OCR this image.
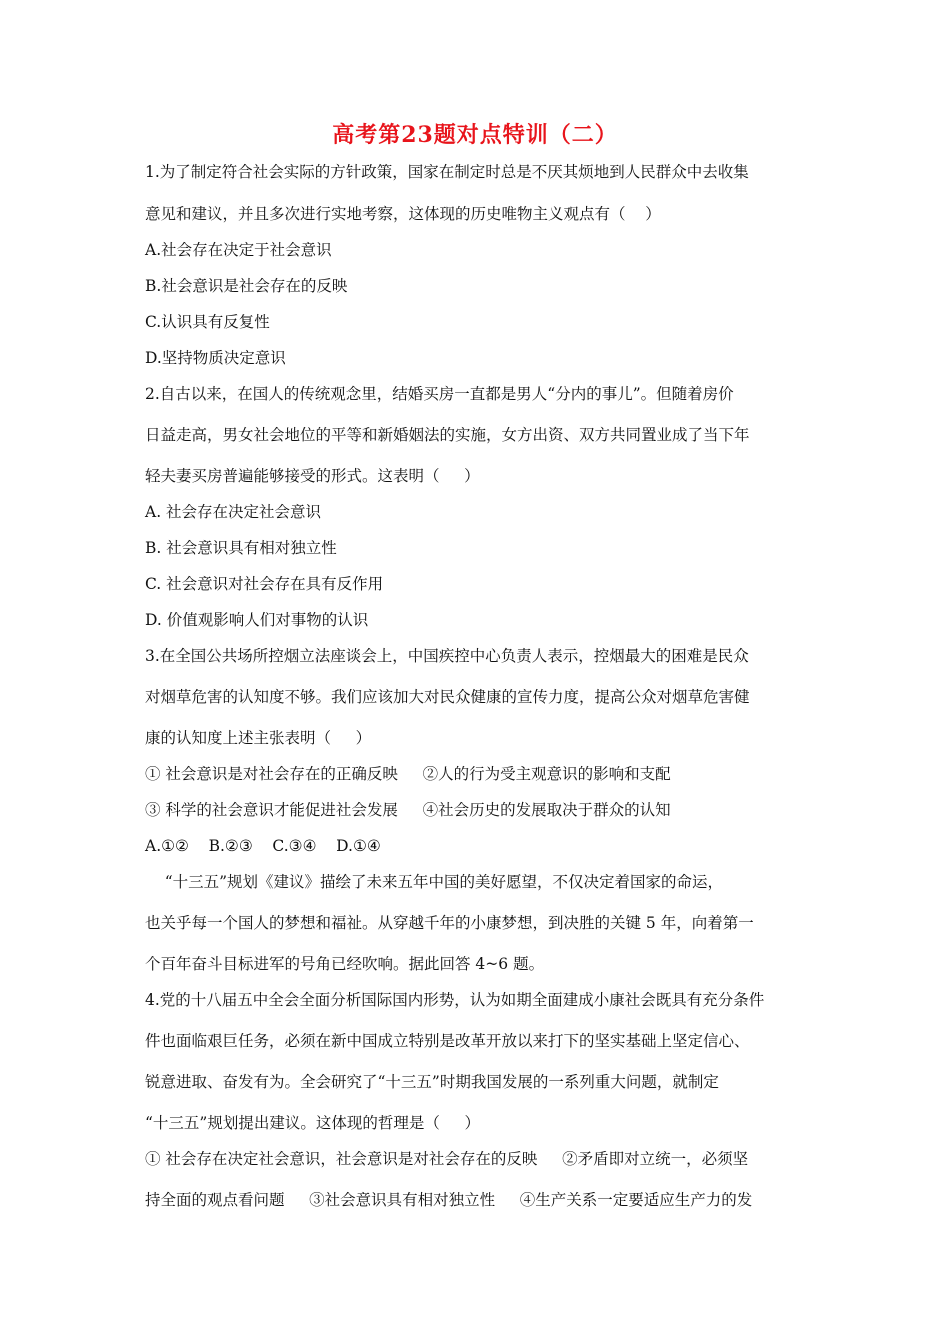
高考第23题对点特训（二）
1.为了制定符合社会实际的方针政策，国家在制定时总是不厌其烦地到人民群众中去收集
意见和建议，并且多次进行实地考察，这体现的历史唯物主义观点有（    ）
A.社会存在决定于社会意识
B.社会意识是社会存在的反映
C.认识具有反复性
D.坚持物质决定意识
2.自古以来，在国人的传统观念里，结婚买房一直都是男人“分内的事儿”。但随着房价
日益走高，男女社会地位的平等和新婚姻法的实施，女方出资、双方共同置业成了当下年
轻夫妻买房普遍能够接受的形式。这表明（     ）
A. 社会存在决定社会意识
B. 社会意识具有相对独立性
C. 社会意识对社会存在具有反作用
D. 价值观影响人们对事物的认识
3.在全国公共场所控烟立法座谈会上，中国疾控中心负责人表示，控烟最大的困难是民众
对烟草危害的认知度不够。我们应该加大对民众健康的宣传力度，提高公众对烟草危害健
康的认知度上述主张表明（     ）
① 社会意识是对社会存在的正确反映     ②人的行为受主观意识的影响和支配
③ 科学的社会意识才能促进社会发展     ④社会历史的发展取决于群众的认知
A.①②    B.②③    C.③④    D.①④
“十三五”规划《建议》描绘了未来五年中国的美好愿望，不仅决定着国家的命运，
也关乎每一个国人的梦想和福祉。从穿越千年的小康梦想，到决胜的关键 5 年，向着第一
个百年奋斗目标进军的号角已经吹响。据此回答 4~6 题。
4.党的十八届五中全会全面分析国际国内形势，认为如期全面建成小康社会既具有充分条件
件也面临艰巨任务，必须在新中国成立特别是改革开放以来打下的坚实基础上坚定信心、
锐意进取、奋发有为。全会研究了“十三五”时期我国发展的一系列重大问题，就制定
“十三五”规划提出建议。这体现的哲理是（     ）
① 社会存在决定社会意识，社会意识是对社会存在的反映     ②矛盾即对立统一，必须坚
持全面的观点看问题     ③社会意识具有相对独立性     ④生产关系一定要适应生产力的发
